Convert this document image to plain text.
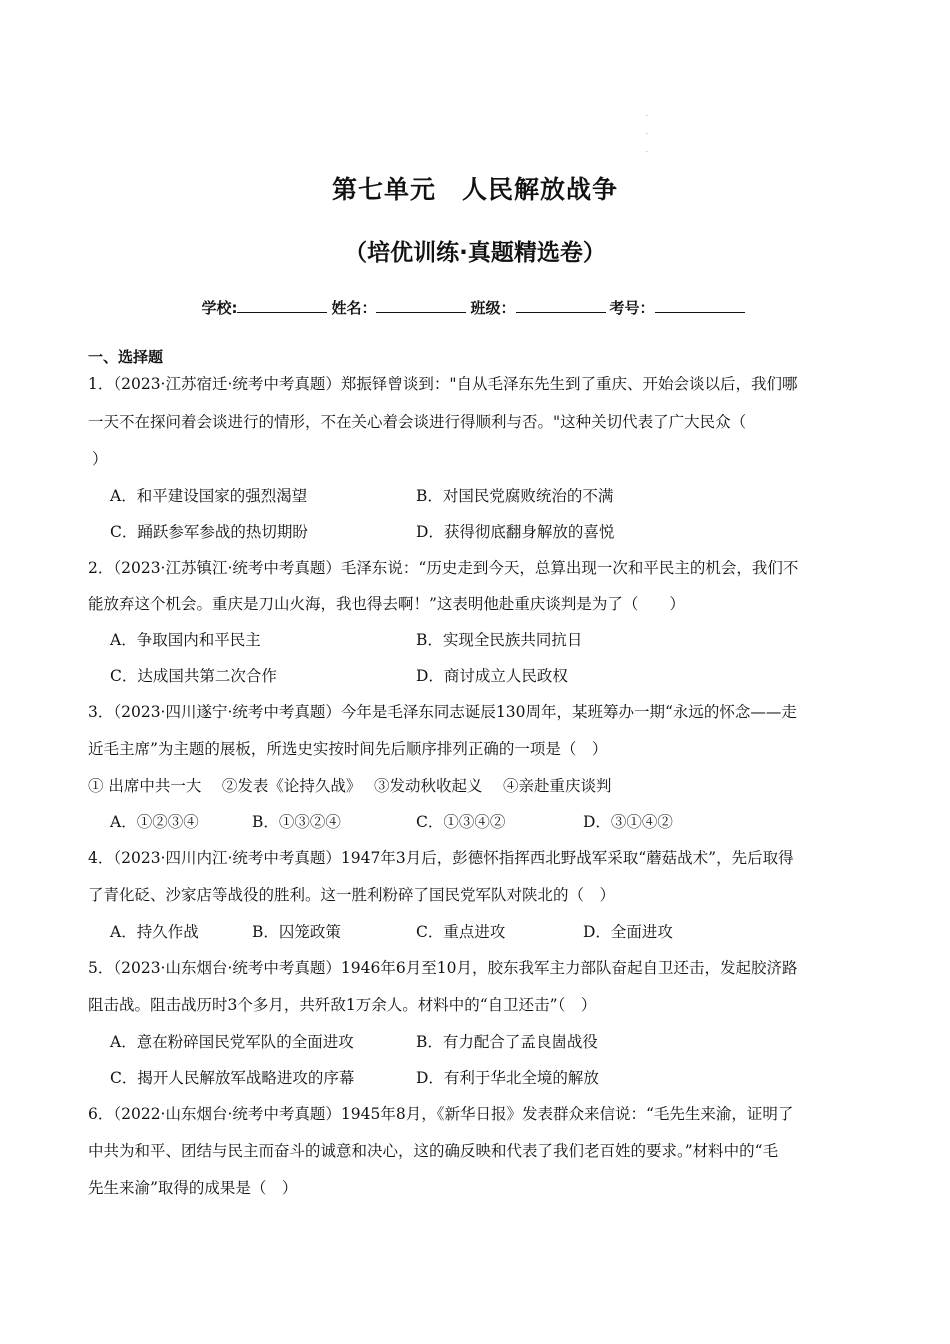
·
·
·
第七单元 人民解放战争
（培优训练·真题精选卷）
学校:	姓名：	班级：	考号：
一、选择题
1．（2023·江苏宿迁·统考中考真题）郑振铎曾谈到："自从毛泽东先生到了重庆、开始会谈以后，我们哪
一天不在探问着会谈进行的情形，不在关心着会谈进行得顺利与否。"这种关切代表了广大民众（
）
A．和平建设国家的强烈渴望	B．对国民党腐败统治的不满
C．踊跃参军参战的热切期盼	D．获得彻底翻身解放的喜悦
2．（2023·江苏镇江·统考中考真题）毛泽东说：“历史走到今天，总算出现一次和平民主的机会，我们不
能放弃这个机会。重庆是刀山火海，我也得去啊！”这表明他赴重庆谈判是为了（　　）
A．争取国内和平民主	B．实现全民族共同抗日
C．达成国共第二次合作	D．商讨成立人民政权
3．（2023·四川遂宁·统考中考真题）今年是毛泽东同志诞辰130周年，某班筹办一期“永远的怀念——走
近毛主席”为主题的展板，所选史实按时间先后顺序排列正确的一项是（　）
① 出席中共一大　 ②发表《论持久战》　 ③发动秋收起义　 ④亲赴重庆谈判
A．①②③④	B．①③②④	C．①③④②	D．③①④②
4．（2023·四川内江·统考中考真题）1947年3月后，彭德怀指挥西北野战军采取“蘑菇战术”，先后取得
了青化砭、沙家店等战役的胜利。这一胜利粉碎了国民党军队对陕北的（　）
A．持久作战	B．囚笼政策	C．重点进攻	D．全面进攻
5．（2023·山东烟台·统考中考真题）1946年6月至10月，胶东我军主力部队奋起自卫还击，发起胶济路
阻击战。阻击战历时3个多月，共歼敌1万余人。材料中的“自卫还击”（　）
A．意在粉碎国民党军队的全面进攻	B．有力配合了孟良崮战役
C．揭开人民解放军战略进攻的序幕	D．有利于华北全境的解放
6．（2022·山东烟台·统考中考真题）1945年8月，《新华日报》发表群众来信说：“毛先生来渝，证明了
中共为和平、团结与民主而奋斗的诚意和决心，这的确反映和代表了我们老百姓的要求。”材料中的“毛
先生来渝”取得的成果是（　）
